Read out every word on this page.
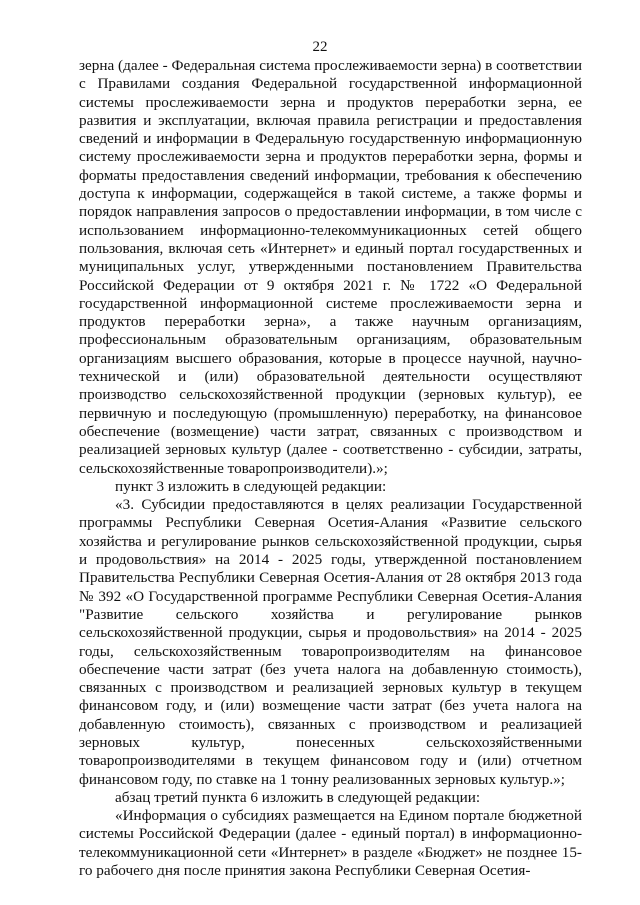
22

зерна (далее - Федеральная система прослеживаемости зерна) в соответствии с Правилами создания Федеральной государственной информационной системы прослеживаемости зерна и продуктов переработки зерна, ее развития и эксплуатации, включая правила регистрации и предоставления сведений и информации в Федеральную государственную информационную систему прослеживаемости зерна и продуктов переработки зерна, формы и форматы предоставления сведений информации, требования к обеспечению доступа к информации, содержащейся в такой системе, а также формы и порядок направления запросов о предоставлении информации, в том числе с использованием информационно-телекоммуникационных сетей общего пользования, включая сеть «Интернет» и единый портал государственных и муниципальных услуг, утвержденными постановлением Правительства Российской Федерации от 9 октября 2021 г. № 1722 «О Федеральной государственной информационной системе прослеживаемости зерна и продуктов переработки зерна», а также научным организациям, профессиональным образовательным организациям, образовательным организациям высшего образования, которые в процессе научной, научно-технической и (или) образовательной деятельности осуществляют производство сельскохозяйственной продукции (зерновых культур), ее первичную и последующую (промышленную) переработку, на финансовое обеспечение (возмещение) части затрат, связанных с производством и реализацией зерновых культур (далее - соответственно - субсидии, затраты, сельскохозяйственные товаропроизводители).»;

пункт 3 изложить в следующей редакции:

«3. Субсидии предоставляются в целях реализации Государственной программы Республики Северная Осетия-Алания «Развитие сельского хозяйства и регулирование рынков сельскохозяйственной продукции, сырья и продовольствия» на 2014 - 2025 годы, утвержденной постановлением Правительства Республики Северная Осетия-Алания от 28 октября 2013 года № 392 «О Государственной программе Республики Северная Осетия-Алания "Развитие сельского хозяйства и регулирование рынков сельскохозяйственной продукции, сырья и продовольствия» на 2014 - 2025 годы, сельскохозяйственным товаропроизводителям на финансовое обеспечение части затрат (без учета налога на добавленную стоимость), связанных с производством и реализацией зерновых культур в текущем финансовом году, и (или) возмещение части затрат (без учета налога на добавленную стоимость), связанных с производством и реализацией зерновых культур, понесенных сельскохозяйственными товаропроизводителями в текущем финансовом году и (или) отчетном финансовом году, по ставке на 1 тонну реализованных зерновых культур.»;

абзац третий пункта 6 изложить в следующей редакции:

«Информация о субсидиях размещается на Едином портале бюджетной системы Российской Федерации (далее - единый портал) в информационно-телекоммуникационной сети «Интернет» в разделе «Бюджет» не позднее 15-го рабочего дня после принятия закона Республики Северная Осетия-
